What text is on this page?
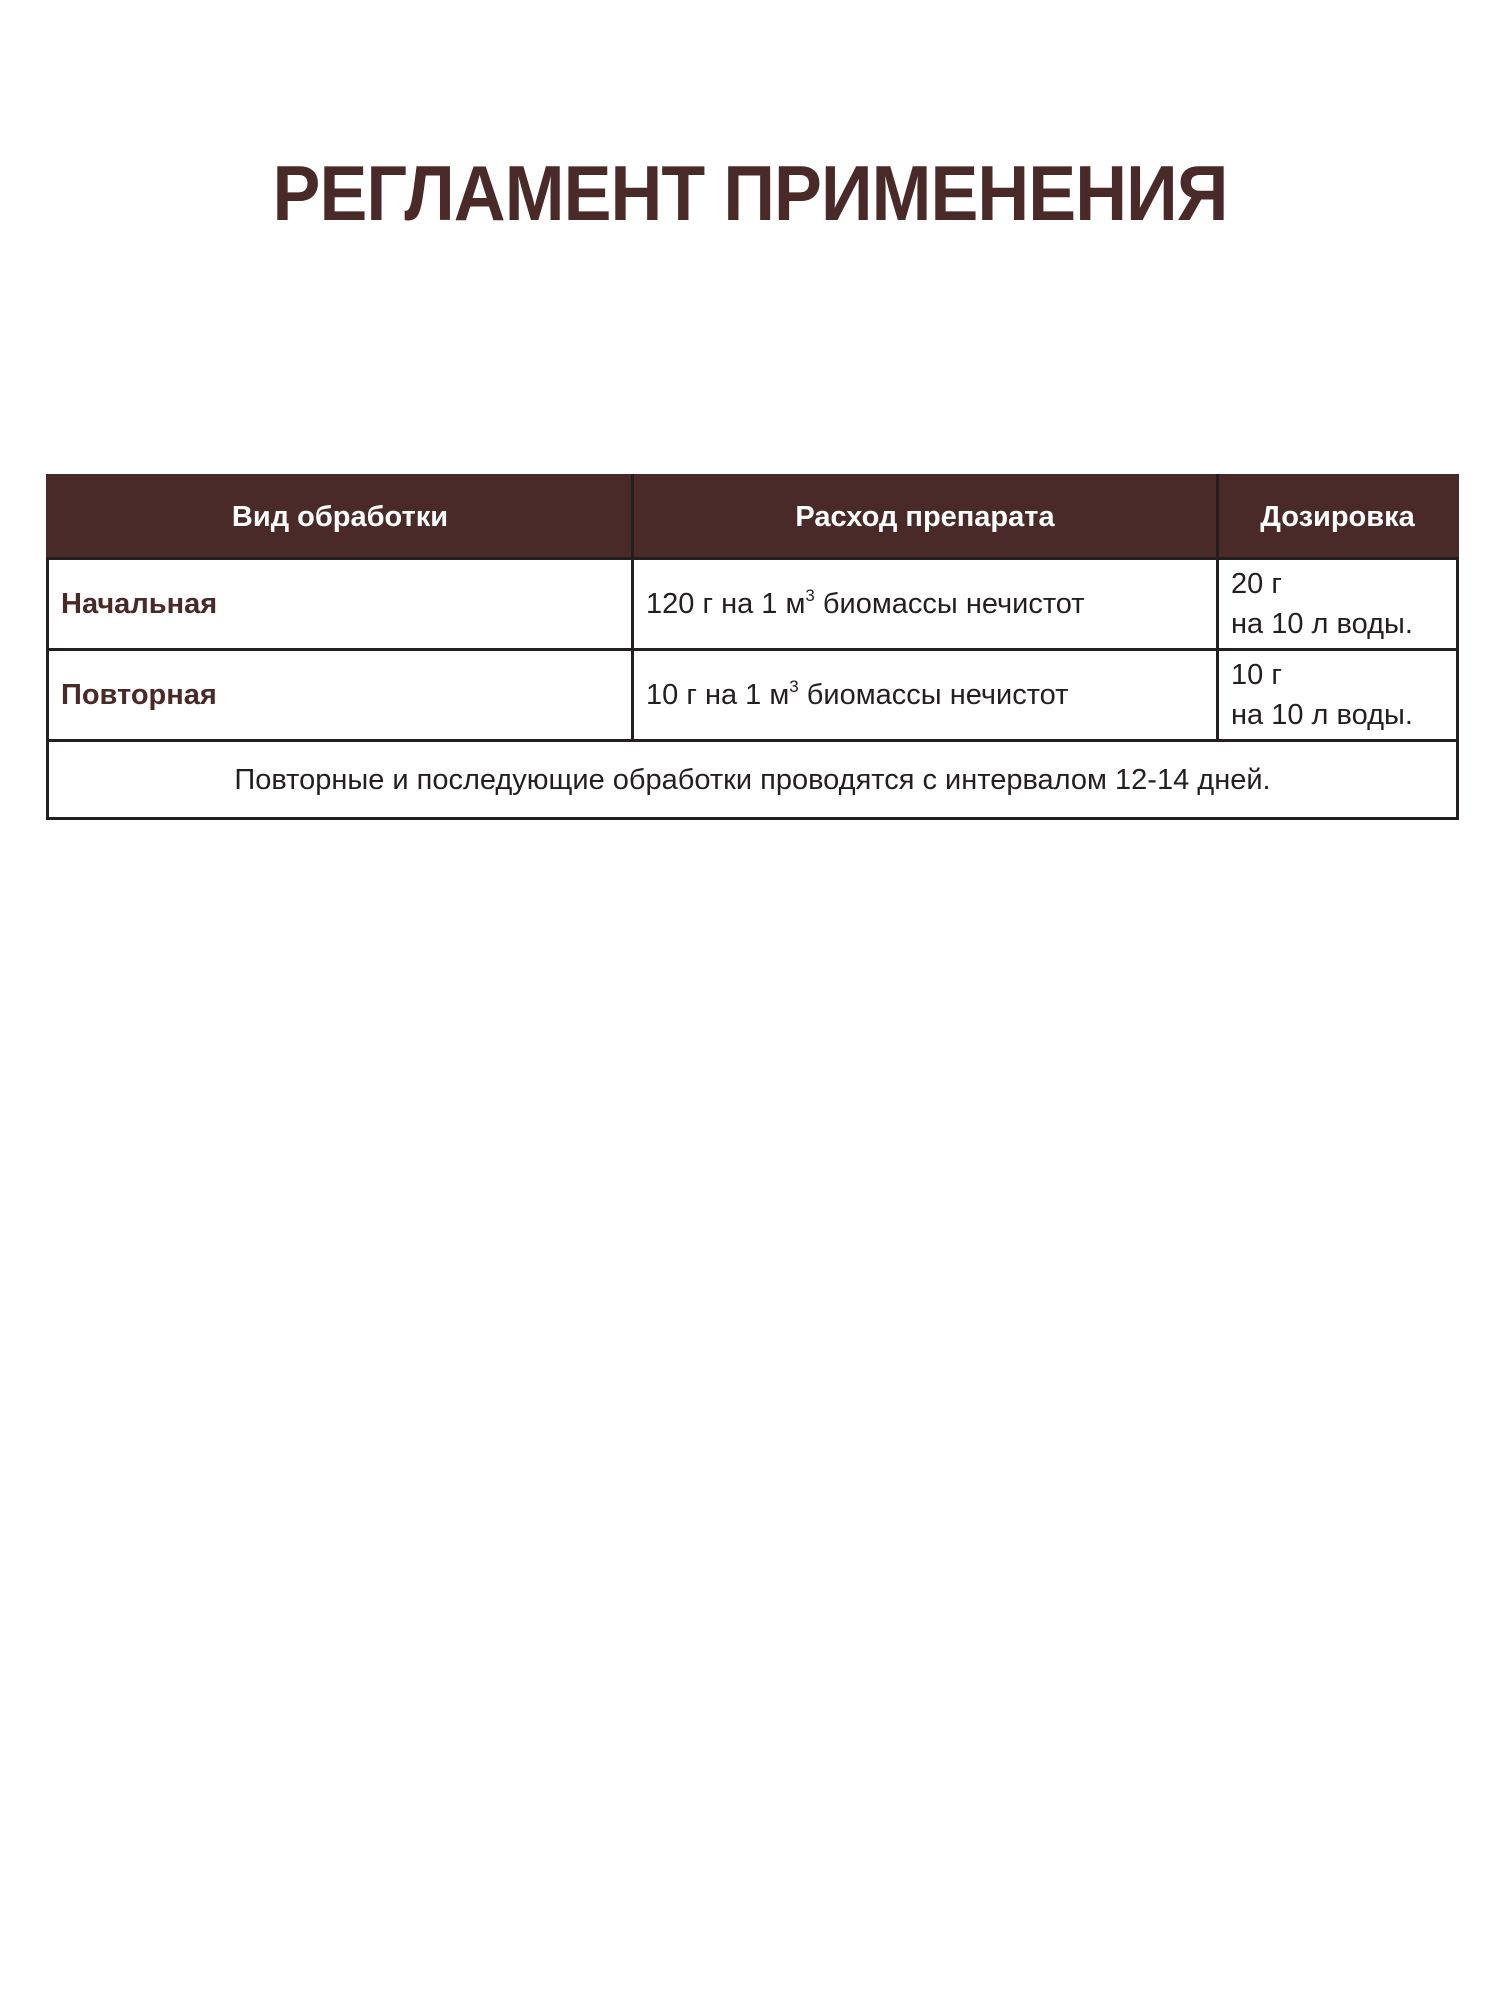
РЕГЛАМЕНТ ПРИМЕНЕНИЯ
Вид обработки	Расход препарата	Дозировка
Начальная	120 г на 1 $м^3$ биомассы нечистот	20 г
на 10 л воды.

Повторная	10 г на 1 $м^3$ биомассы нечистот	10 г
на 10 л воды.

Повторные и последующие обработки проводятся с интервалом 12-14 дней.		
